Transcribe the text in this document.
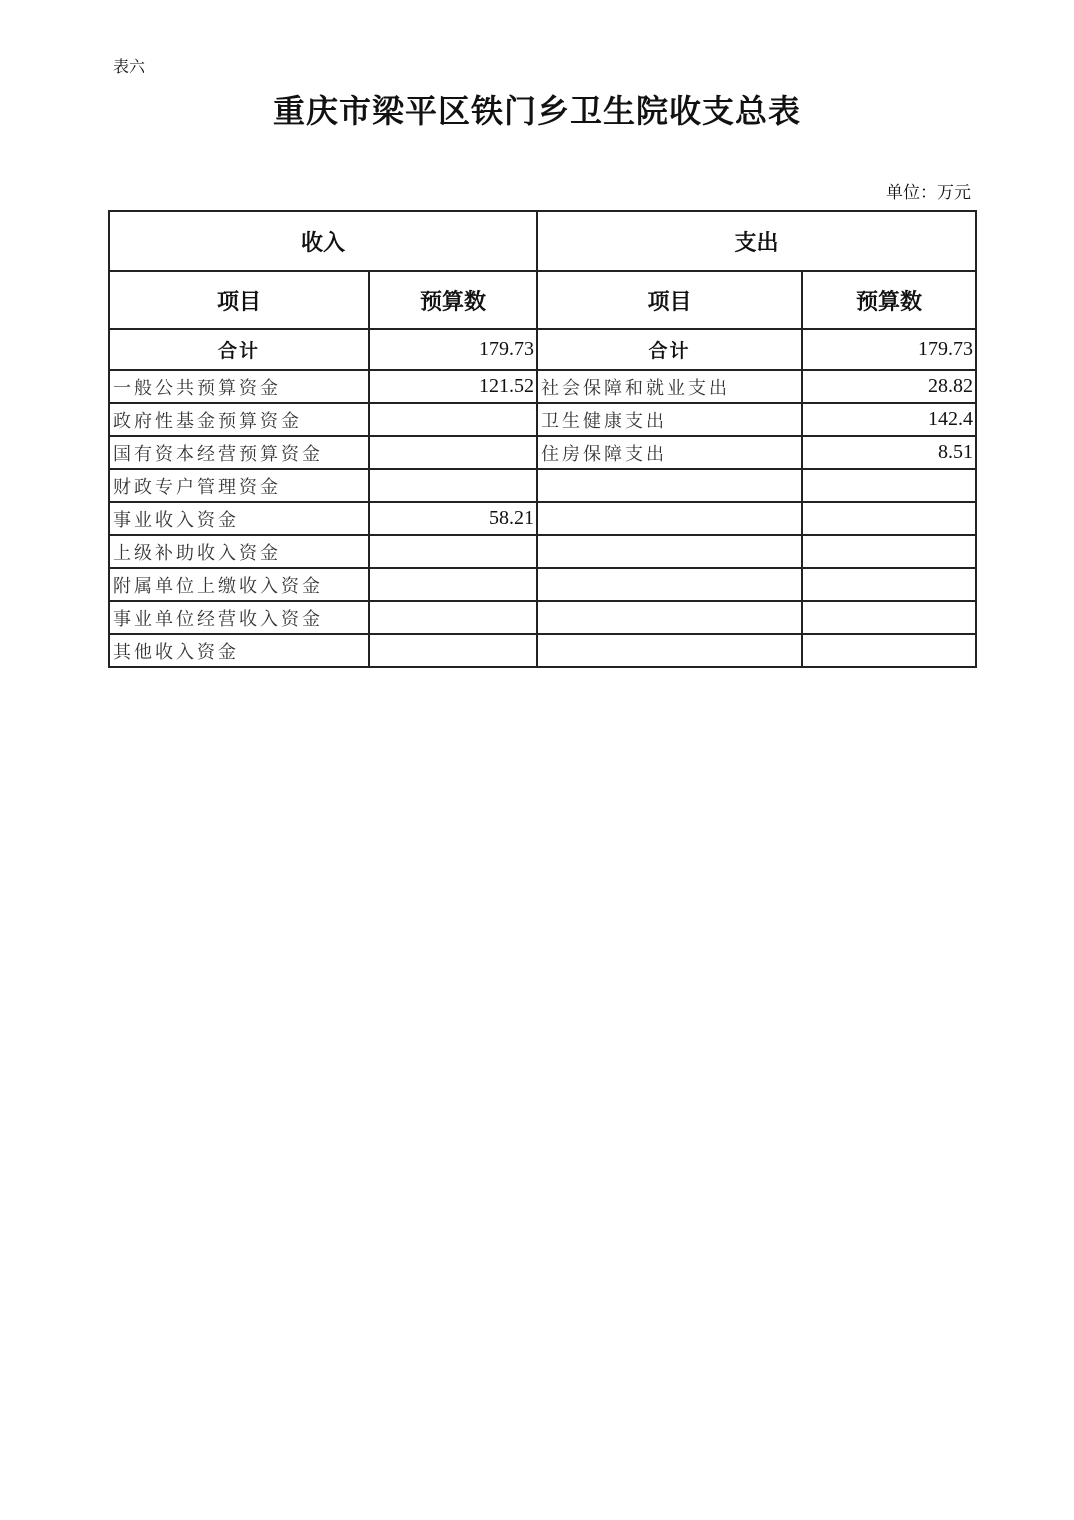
表六
重庆市梁平区铁门乡卫生院收支总表
单位：万元
收入		支出	
项目	预算数	项目	预算数
合计	179.73	合计	179.73
一般公共预算资金	121.52	社会保障和就业支出	28.82
政府性基金预算资金		卫生健康支出	142.4
国有资本经营预算资金		住房保障支出	8.51
财政专户管理资金			
事业收入资金	58.21		
上级补助收入资金			
附属单位上缴收入资金			
事业单位经营收入资金			
其他收入资金			
